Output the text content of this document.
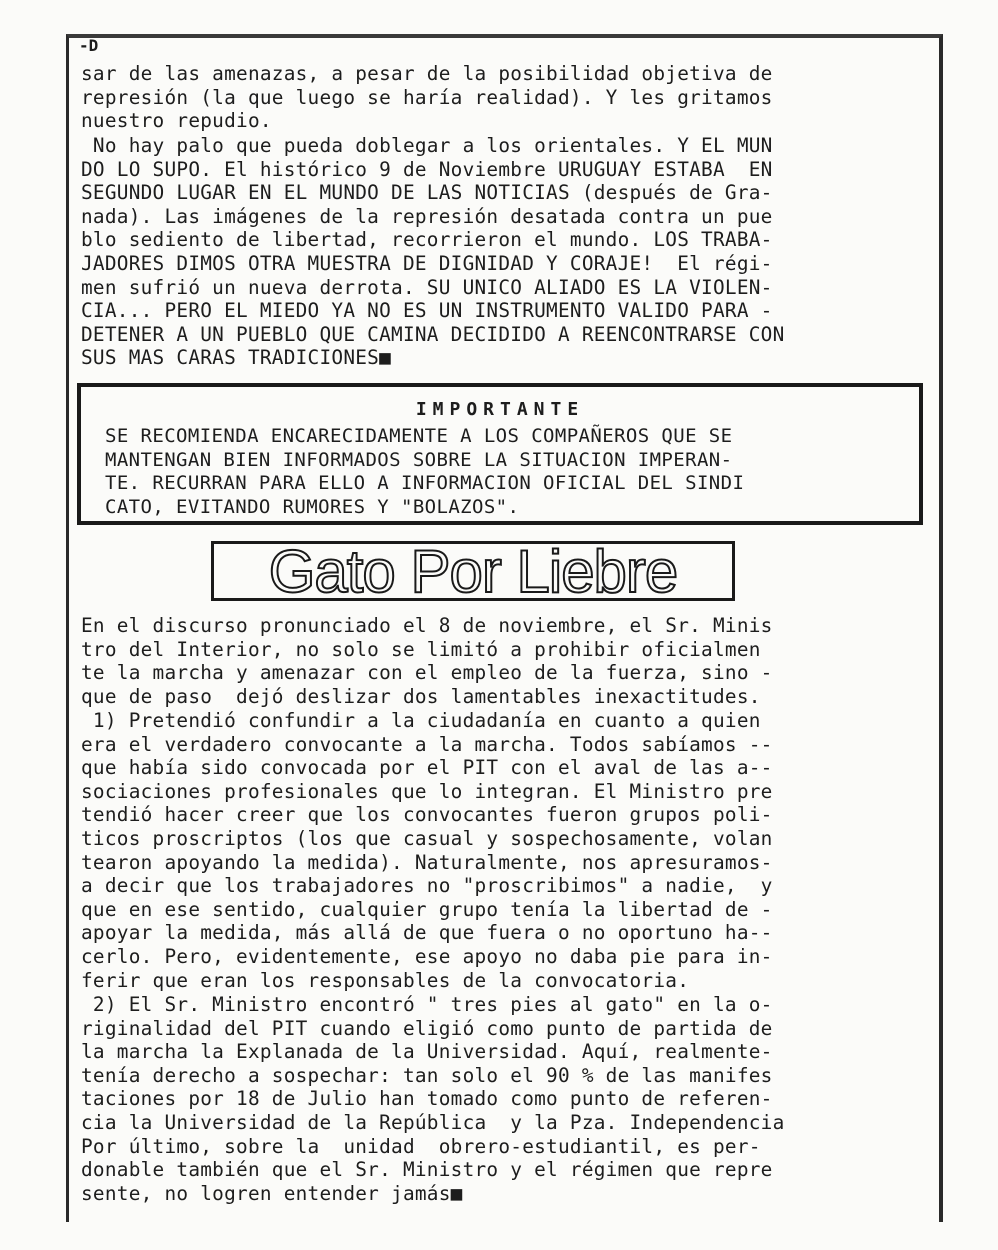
-D
sar de las amenazas, a pesar de la posibilidad objetiva de
represión (la que luego se haría realidad). Y les gritamos
nuestro repudio.
No hay palo que pueda doblegar a los orientales. Y EL MUN
DO LO SUPO. El histórico 9 de Noviembre URUGUAY ESTABA  EN
SEGUNDO LUGAR EN EL MUNDO DE LAS NOTICIAS (después de Gra-
nada). Las imágenes de la represión desatada contra un pue
blo sediento de libertad, recorrieron el mundo. LOS TRABA-
JADORES DIMOS OTRA MUESTRA DE DIGNIDAD Y CORAJE!  El régi-
men sufrió un nueva derrota. SU UNICO ALIADO ES LA VIOLEN-
CIA... PERO EL MIEDO YA NO ES UN INSTRUMENTO VALIDO PARA -
DETENER A UN PUEBLO QUE CAMINA DECIDIDO A REENCONTRARSE CON
SUS MAS CARAS TRADICIONES■
IMPORTANTE
SE RECOMIENDA ENCARECIDAMENTE A LOS COMPAÑEROS QUE SE
MANTENGAN BIEN INFORMADOS SOBRE LA SITUACION IMPERAN-
TE. RECURRAN PARA ELLO A INFORMACION OFICIAL DEL SINDI
CATO, EVITANDO RUMORES Y "BOLAZOS".
Gato Por Liebre
En el discurso pronunciado el 8 de noviembre, el Sr. Minis
tro del Interior, no solo se limitó a prohibir oficialmen
te la marcha y amenazar con el empleo de la fuerza, sino -
que de paso  dejó deslizar dos lamentables inexactitudes.
1) Pretendió confundir a la ciudadanía en cuanto a quien
era el verdadero convocante a la marcha. Todos sabíamos --
que había sido convocada por el PIT con el aval de las a--
sociaciones profesionales que lo integran. El Ministro pre
tendió hacer creer que los convocantes fueron grupos poli-
ticos proscriptos (los que casual y sospechosamente, volan
tearon apoyando la medida). Naturalmente, nos apresuramos-
a decir que los trabajadores no "proscribimos" a nadie,  y
que en ese sentido, cualquier grupo tenía la libertad de -
apoyar la medida, más allá de que fuera o no oportuno ha--
cerlo. Pero, evidentemente, ese apoyo no daba pie para in-
ferir que eran los responsables de la convocatoria.
2) El Sr. Ministro encontró " tres pies al gato" en la o-
riginalidad del PIT cuando eligió como punto de partida de
la marcha la Explanada de la Universidad. Aquí, realmente-
tenía derecho a sospechar: tan solo el 90 % de las manifes
taciones por 18 de Julio han tomado como punto de referen-
cia la Universidad de la República  y la Pza. Independencia
Por último, sobre la  unidad  obrero-estudiantil, es per-
donable también que el Sr. Ministro y el régimen que repre
sente, no logren entender jamás■
